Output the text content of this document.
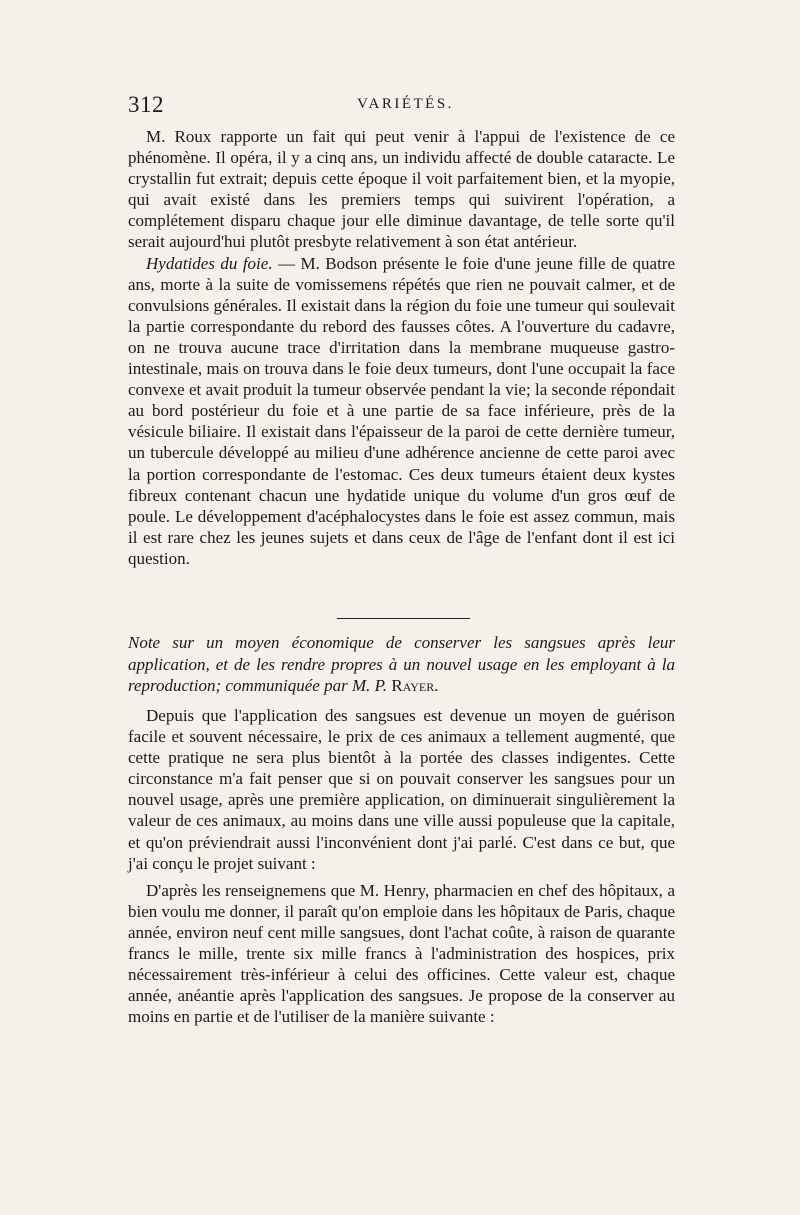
312	VARIÉTÉS.

M. Roux rapporte un fait qui peut venir à l'appui de l'existence de ce phénomène. Il opéra, il y a cinq ans, un individu affecté de double cataracte. Le crystallin fut extrait; depuis cette époque il voit parfaitement bien, et la myopie, qui avait existé dans les premiers temps qui suivirent l'opération, a complétement disparu chaque jour elle diminue davantage, de telle sorte qu'il serait aujourd'hui plutôt presbyte relativement à son état antérieur.

Hydatides du foie. — M. Bodson présente le foie d'une jeune fille de quatre ans, morte à la suite de vomissemens répétés que rien ne pouvait calmer, et de convulsions générales. Il existait dans la région du foie une tumeur qui soulevait la partie correspondante du rebord des fausses côtes. A l'ouverture du cadavre, on ne trouva aucune trace d'irritation dans la membrane muqueuse gastro-intestinale, mais on trouva dans le foie deux tumeurs, dont l'une occupait la face convexe et avait produit la tumeur observée pendant la vie; la seconde répondait au bord postérieur du foie et à une partie de sa face inférieure, près de la vésicule biliaire. Il existait dans l'épaisseur de la paroi de cette dernière tumeur, un tubercule développé au milieu d'une adhérence ancienne de cette paroi avec la portion correspondante de l'estomac. Ces deux tumeurs étaient deux kystes fibreux contenant chacun une hydatide unique du volume d'un gros œuf de poule. Le développement d'acéphalocystes dans le foie est assez commun, mais il est rare chez les jeunes sujets et dans ceux de l'âge de l'enfant dont il est ici question.

Note sur un moyen économique de conserver les sangsues après leur application, et de les rendre propres à un nouvel usage en les employant à la reproduction; communiquée par M. P. Rayer.

Depuis que l'application des sangsues est devenue un moyen de guérison facile et souvent nécessaire, le prix de ces animaux a tellement augmenté, que cette pratique ne sera plus bientôt à la portée des classes indigentes. Cette circonstance m'a fait penser que si on pouvait conserver les sangsues pour un nouvel usage, après une première application, on diminuerait singulièrement la valeur de ces animaux, au moins dans une ville aussi populeuse que la capitale, et qu'on préviendrait aussi l'inconvénient dont j'ai parlé. C'est dans ce but, que j'ai conçu le projet suivant :

D'après les renseignemens que M. Henry, pharmacien en chef des hôpitaux, a bien voulu me donner, il paraît qu'on emploie dans les hôpitaux de Paris, chaque année, environ neuf cent mille sangsues, dont l'achat coûte, à raison de quarante francs le mille, trente six mille francs à l'administration des hospices, prix nécessairement très-inférieur à celui des officines. Cette valeur est, chaque année, anéantie après l'application des sangsues. Je propose de la conserver au moins en partie et de l'utiliser de la manière suivante :
